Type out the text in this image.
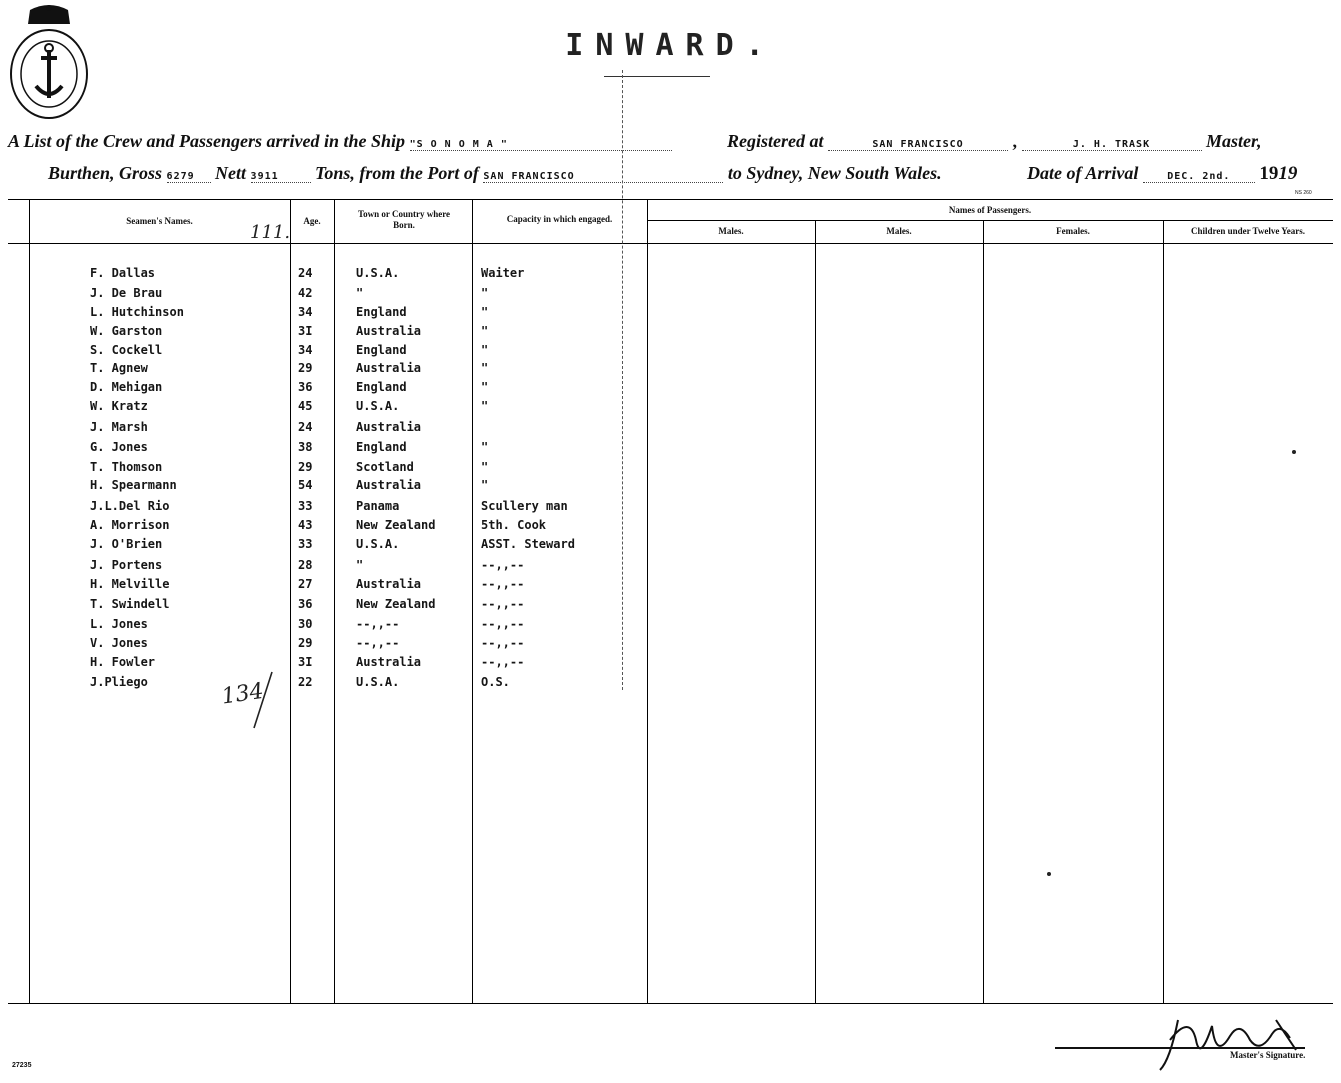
INWARD.
A List of the Crew and Passengers arrived in the Ship "S O N O M A "	Registered at	SAN FRANCISCO	,	J. H. TRASK	Master,
Burthen, Gross 6279 Nett 3911 Tons, from the Port of SAN FRANCISCO	to Sydney, New South Wales.	Date of Arrival	DEC. 2nd. 1919
NS 260
Seamen's Names.	Age.
Town or Country where Born.
Capacity in which engaged.
Names of Passengers.
Males.	Males.	Females.	Children under Twelve Years.
111.
134
F. Dallas	24	U.S.A.	Waiter
J. De Brau	42	"	"
L. Hutchinson	34	England	"
W. Garston	3I	Australia	"
S. Cockell	34	England	"
T. Agnew	29	Australia	"
D. Mehigan	36	England	"
W. Kratz	45	U.S.A.	"
J. Marsh	24	Australia
G. Jones	38	England	"
T. Thomson	29	Scotland	"
H. Spearmann	54	Australia	"
J.L.Del Rio	33	Panama	Scullery man
A. Morrison	43	New Zealand	5th. Cook
J. O'Brien	33	U.S.A.	ASST. Steward
J. Portens	28	"	--,,--
H. Melville	27	Australia	--,,--
T. Swindell	36	New Zealand	--,,--
L. Jones	30	--,,--	--,,--
V. Jones	29	--,,--	--,,--
H. Fowler	3I	Australia	--,,--
J.Pliego	22	U.S.A.	O.S.
27235
Master's Signature.
